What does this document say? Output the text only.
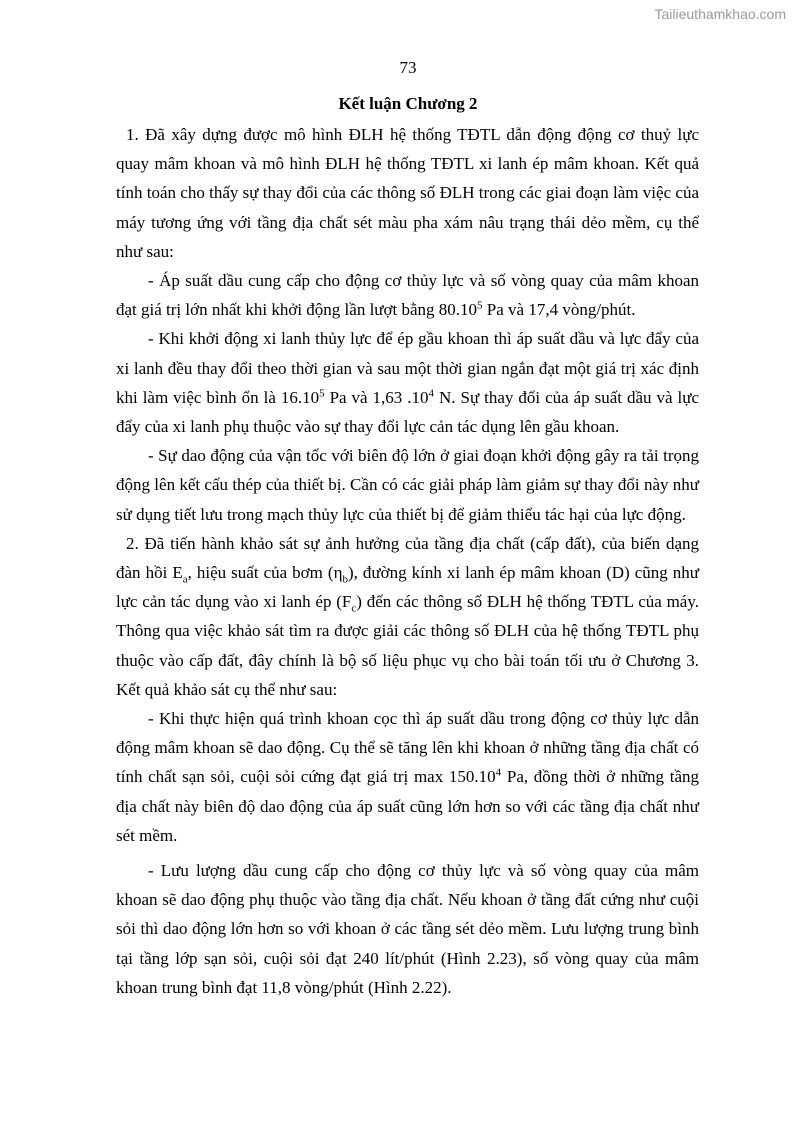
Tailieuthamkhao.com
73
Kết luận Chương 2

1. Đã xây dựng được mô hình ĐLH hệ thống TĐTL dẫn động động cơ thuỷ lực quay mâm khoan và mô hình ĐLH hệ thống TĐTL xi lanh ép mâm khoan. Kết quả tính toán cho thấy sự thay đổi của các thông số ĐLH trong các giai đoạn làm việc của máy tương ứng với tầng địa chất sét màu pha xám nâu trạng thái dẻo mềm, cụ thể như sau:

- Áp suất dầu cung cấp cho động cơ thủy lực và số vòng quay của mâm khoan đạt giá trị lớn nhất khi khởi động lần lượt bằng 80.10$^5$ Pa và 17,4 vòng/phút.

- Khi khởi động xi lanh thủy lực để ép gầu khoan thì áp suất dầu và lực đẩy của xi lanh đều thay đổi theo thời gian và sau một thời gian ngắn đạt một giá trị xác định khi làm việc bình ổn là 16.10$^5$ Pa và 1,63 $.10^4$ N. Sự thay đổi của áp suất dầu và lực đẩy của xi lanh phụ thuộc vào sự thay đổi lực cản tác dụng lên gầu khoan.

- Sự dao động của vận tốc với biên độ lớn ở giai đoạn khởi động gây ra tải trọng động lên kết cấu thép của thiết bị. Cần có các giải pháp làm giảm sự thay đổi này như sử dụng tiết lưu trong mạch thủy lực của thiết bị để giảm thiểu tác hại của lực động.

2. Đã tiến hành khảo sát sự ảnh hưởng của tầng địa chất (cấp đất), của biến dạng đàn hồi $E_a$, hiệu suất của bơm $(\eta_b)$, đường kính xi lanh ép mâm khoan (D) cũng như lực cản tác dụng vào xi lanh ép $(F_c)$ đến các thông số ĐLH hệ thống TĐTL của máy. Thông qua việc khảo sát tìm ra được giải các thông số ĐLH của hệ thống TĐTL phụ thuộc vào cấp đất, đây chính là bộ số liệu phục vụ cho bài toán tối ưu ở Chương 3. Kết quả khảo sát cụ thể như sau:

- Khi thực hiện quá trình khoan cọc thì áp suất dầu trong động cơ thủy lực dẫn động mâm khoan sẽ dao động. Cụ thể sẽ tăng lên khi khoan ở những tầng địa chất có tính chất sạn sỏi, cuội sỏi cứng đạt giá trị max 150.10$^4$ Pa, đồng thời ở những tầng địa chất này biên độ dao động của áp suất cũng lớn hơn so với các tầng địa chất như sét mềm.

- Lưu lượng dầu cung cấp cho động cơ thủy lực và số vòng quay của mâm khoan sẽ dao động phụ thuộc vào tầng địa chất. Nếu khoan ở tầng đất cứng như cuội sỏi thì dao động lớn hơn so với khoan ở các tầng sét dẻo mềm. Lưu lượng trung bình tại tầng lớp sạn sỏi, cuội sỏi đạt 240 lít/phút (Hình 2.23), số vòng quay của mâm khoan trung bình đạt 11,8 vòng/phút (Hình 2.22).
